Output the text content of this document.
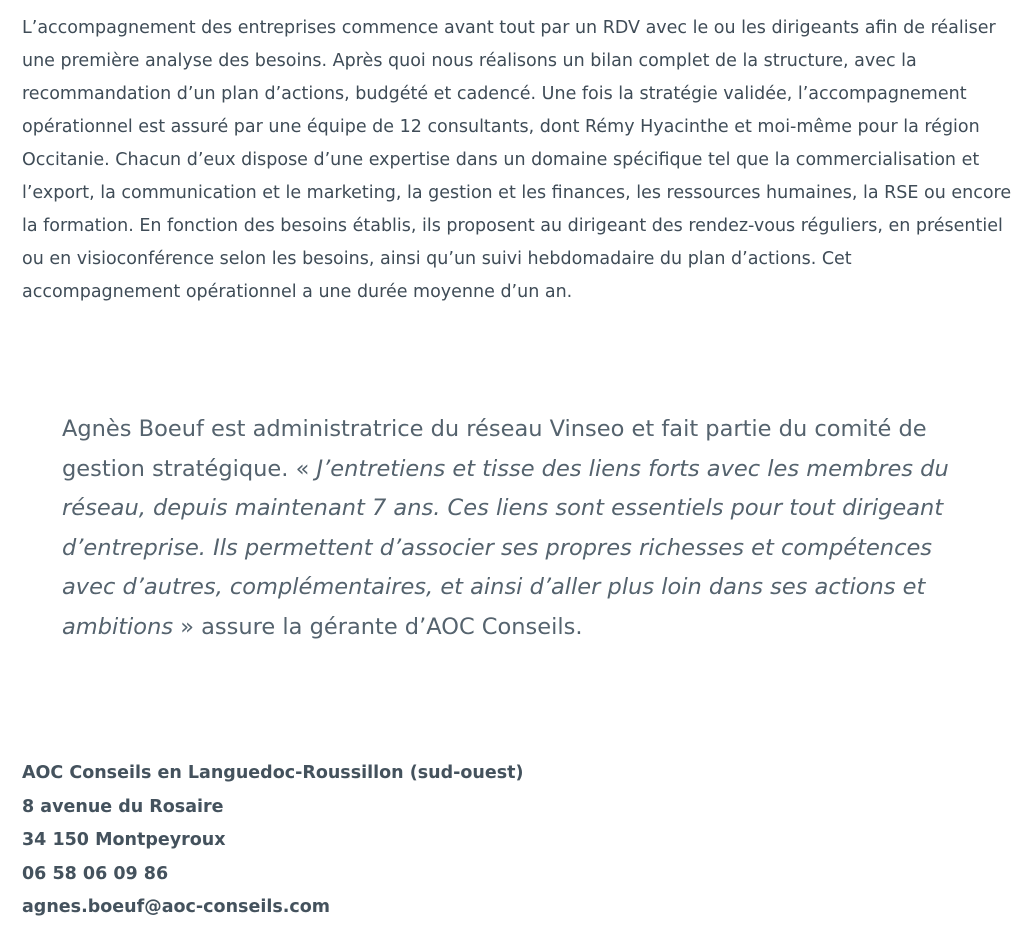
L’accompagnement des entreprises commence avant tout par un RDV avec le ou les dirigeants afin de réaliser une première analyse des besoins. Après quoi nous réalisons un bilan complet de la structure, avec la recommandation d’un plan d’actions, budgété et cadencé. Une fois la stratégie validée, l’accompagnement opérationnel est assuré par une équipe de 12 consultants, dont Rémy Hyacinthe et moi-même pour la région Occitanie. Chacun d’eux dispose d’une expertise dans un domaine spécifique tel que la commercialisation et l’export, la communication et le marketing, la gestion et les finances, les ressources humaines, la RSE ou encore la formation. En fonction des besoins établis, ils proposent au dirigeant des rendez-vous réguliers, en présentiel ou en visioconférence selon les besoins, ainsi qu’un suivi hebdomadaire du plan d’actions. Cet accompagnement opérationnel a une durée moyenne d’un an.

Agnès Boeuf est administratrice du réseau Vinseo et fait partie du comité de gestion stratégique. « J’entretiens et tisse des liens forts avec les membres du réseau, depuis maintenant 7 ans. Ces liens sont essentiels pour tout dirigeant d’entreprise. Ils permettent d’associer ses propres richesses et compétences avec d’autres, complémentaires, et ainsi d’aller plus loin dans ses actions et ambitions » assure la gérante d’AOC Conseils.
AOC Conseils en Languedoc-Roussillon (sud-ouest)
8 avenue du Rosaire
34 150 Montpeyroux
06 58 06 09 86
agnes.boeuf@aoc-conseils.com
